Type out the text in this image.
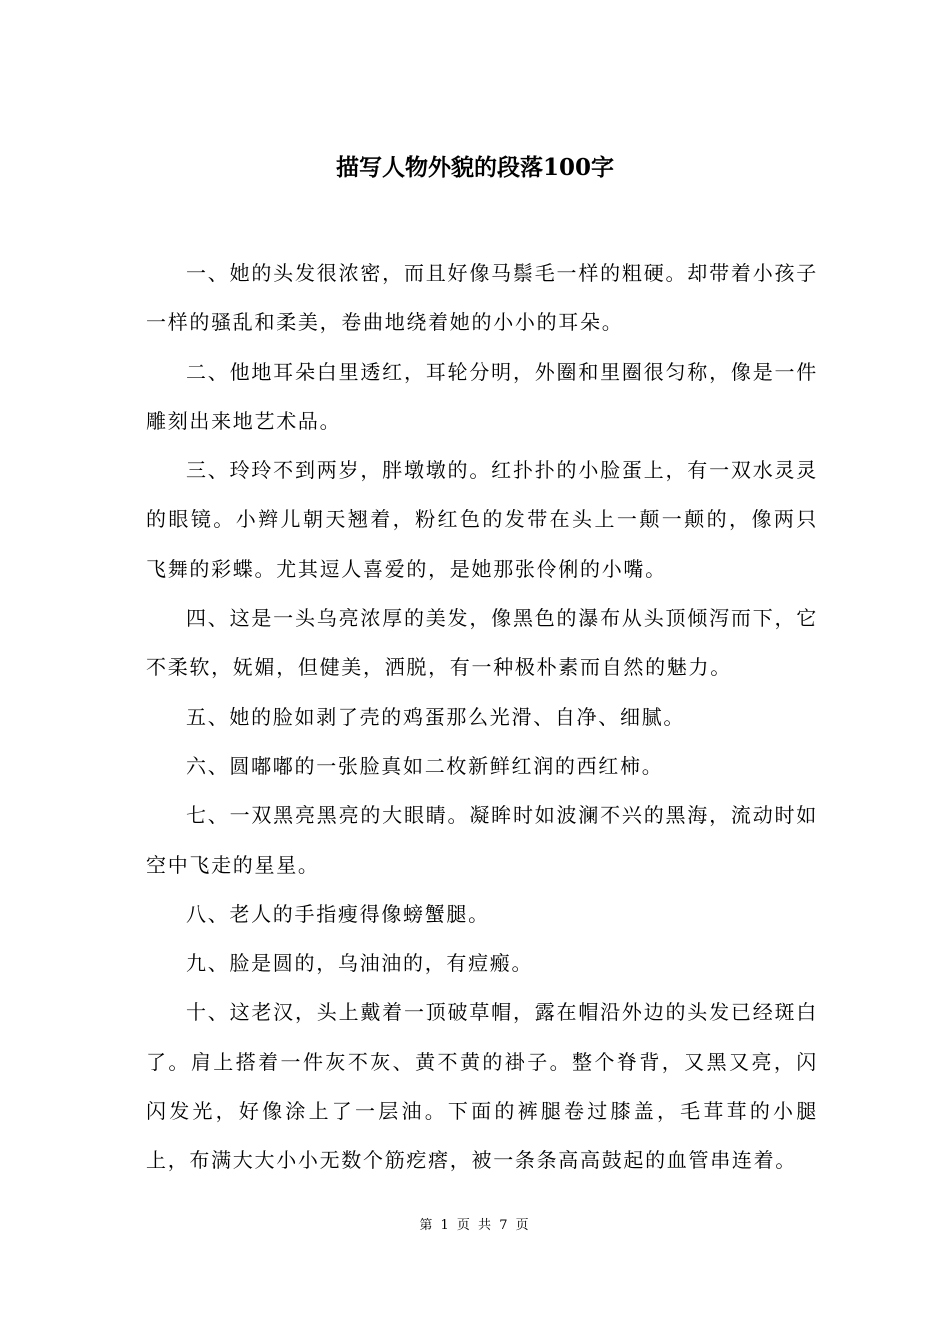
描写人物外貌的段落100字

一、她的头发很浓密，而且好像马鬃毛一样的粗硬。却带着小孩子一样的骚乱和柔美，卷曲地绕着她的小小的耳朵。

二、他地耳朵白里透红，耳轮分明，外圈和里圈很匀称，像是一件雕刻出来地艺术品。

三、玲玲不到两岁，胖墩墩的。红扑扑的小脸蛋上，有一双水灵灵的眼镜。小辫儿朝天翘着，粉红色的发带在头上一颠一颠的，像两只飞舞的彩蝶。尤其逗人喜爱的，是她那张伶俐的小嘴。

四、这是一头乌亮浓厚的美发，像黑色的瀑布从头顶倾泻而下，它不柔软，妩媚，但健美，洒脱，有一种极朴素而自然的魅力。

五、她的脸如剥了壳的鸡蛋那么光滑、自净、细腻。

六、圆嘟嘟的一张脸真如二枚新鲜红润的西红柿。

七、一双黑亮黑亮的大眼睛。凝眸时如波澜不兴的黑海，流动时如空中飞走的星星。

八、老人的手指瘦得像螃蟹腿。

九、脸是圆的，乌油油的，有痘瘢。

十、这老汉，头上戴着一顶破草帽，露在帽沿外边的头发已经斑白了。肩上搭着一件灰不灰、黄不黄的褂子。整个脊背，又黑又亮，闪闪发光，好像涂上了一层油。下面的裤腿卷过膝盖，毛茸茸的小腿上，布满大大小小无数个筋疙瘩，被一条条高高鼓起的血管串连着。

第 1 页 共 7 页
